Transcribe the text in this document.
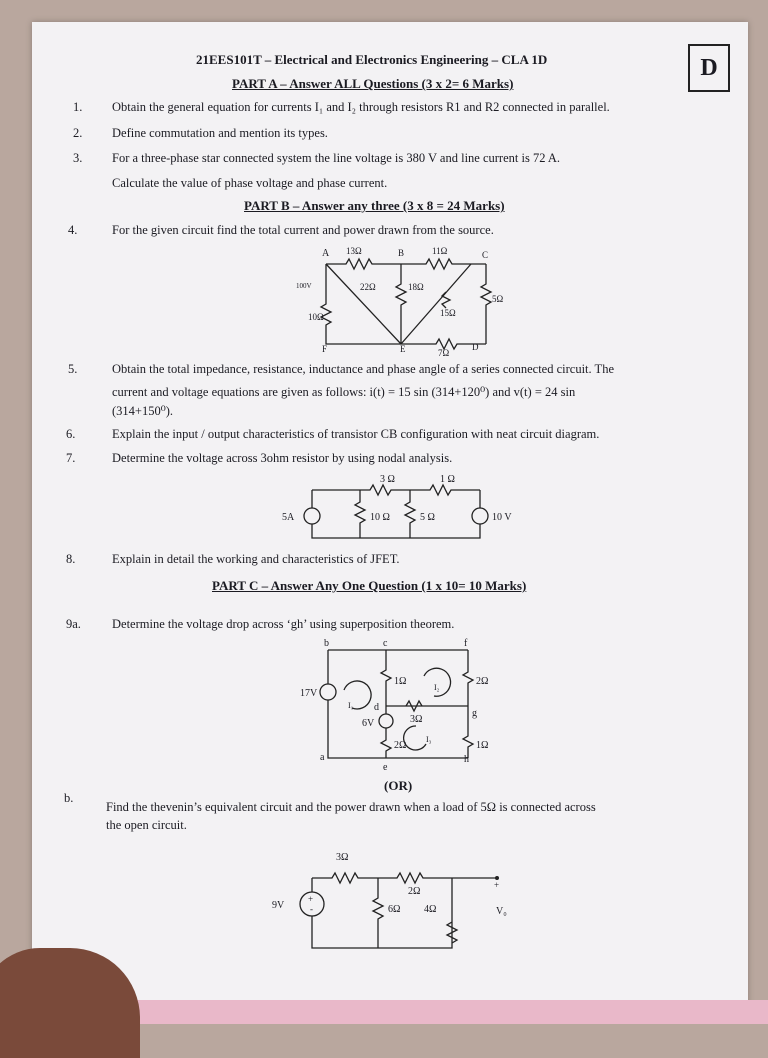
21EES101T – Electrical and Electronics Engineering – CLA 1D	D
PART A – Answer ALL Questions (3 x 2= 6 Marks)
1. Obtain the general equation for currents I₁ and I₂ through resistors R1 and R2 connected in parallel.
2. Define commutation and mention its types.
3. For a three-phase star connected system the line voltage is 380 V and line current is 72 A.
Calculate the value of phase voltage and phase current.
PART B – Answer any three (3 x 8 = 24 Marks)
4.	For the given circuit find the total current and power drawn from the source.
A	B	C
D
E
F
13Ω	11Ω
22Ω	18Ω
5Ω
15Ω
7Ω
10Ω
100V
5.	Obtain the total impedance, resistance, inductance and phase angle of a series connected circuit. The
current and voltage equations are given as follows: i(t) = 15 sin (314+120⁰) and v(t) = 24 sin
(314+150⁰).
6.	Explain the input / output characteristics of transistor CB configuration with neat circuit diagram.
7.	Determine the voltage across 3ohm resistor by using nodal analysis.
3 Ω	1 Ω
10 Ω	5 Ω
5A	10 V
8.	Explain in detail the working and characteristics of JFET.
PART C – Answer Any One Question (1 x 10= 10 Marks)
9a. Determine the voltage drop across ‘gh’ using superposition theorem.
b	c	f
d
g
a
e
h
17V
6V
1Ω	2Ω
3Ω
2Ω	1Ω
I₁
I₂
I₃
(OR)
b.
Find the thevenin’s equivalent circuit and the power drawn when a load of 5Ω is connected across
the open circuit.
+
-
3Ω
2Ω
6Ω 4Ω
9V
+
V₀
